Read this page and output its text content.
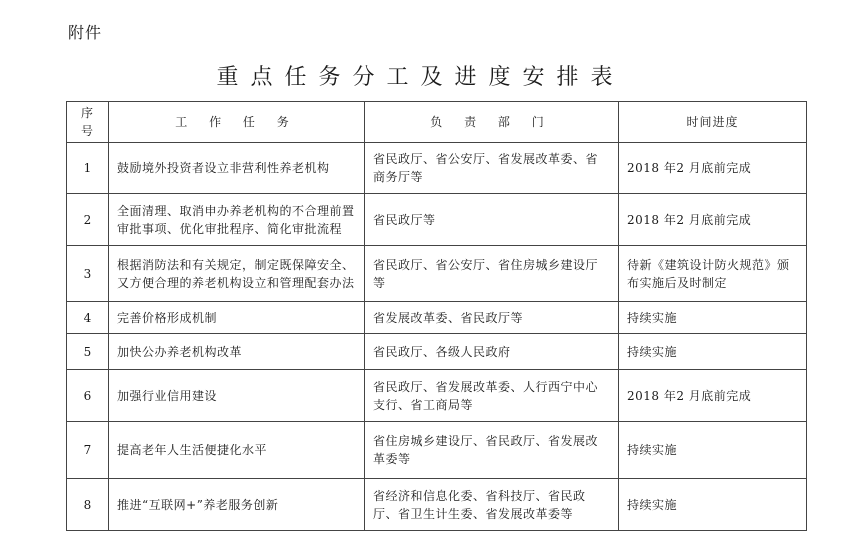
附件
重点任务分工及进度安排表
序号	工 作 任 务	负 责 部 门	时间进度
1	鼓励境外投资者设立非营利性养老机构	省民政厅、省公安厅、省发展改革委、省商务厅等	2018 年2 月底前完成
2	全面清理、取消申办养老机构的不合理前置审批事项、优化审批程序、简化审批流程	省民政厅等	2018 年2 月底前完成
3	根据消防法和有关规定，制定既保障安全、又方便合理的养老机构设立和管理配套办法	省民政厅、省公安厅、省住房城乡建设厅等	待新《建筑设计防火规范》颁布实施后及时制定
4	完善价格形成机制	省发展改革委、省民政厅等	持续实施
5	加快公办养老机构改革	省民政厅、各级人民政府	持续实施
6	加强行业信用建设	省民政厅、省发展改革委、人行西宁中心支行、省工商局等	2018 年2 月底前完成
7	提高老年人生活便捷化水平	省住房城乡建设厅、省民政厅、省发展改革委等	持续实施
8	推进“互联网+”养老服务创新	省经济和信息化委、省科技厅、省民政厅、省卫生计生委、省发展改革委等	持续实施
